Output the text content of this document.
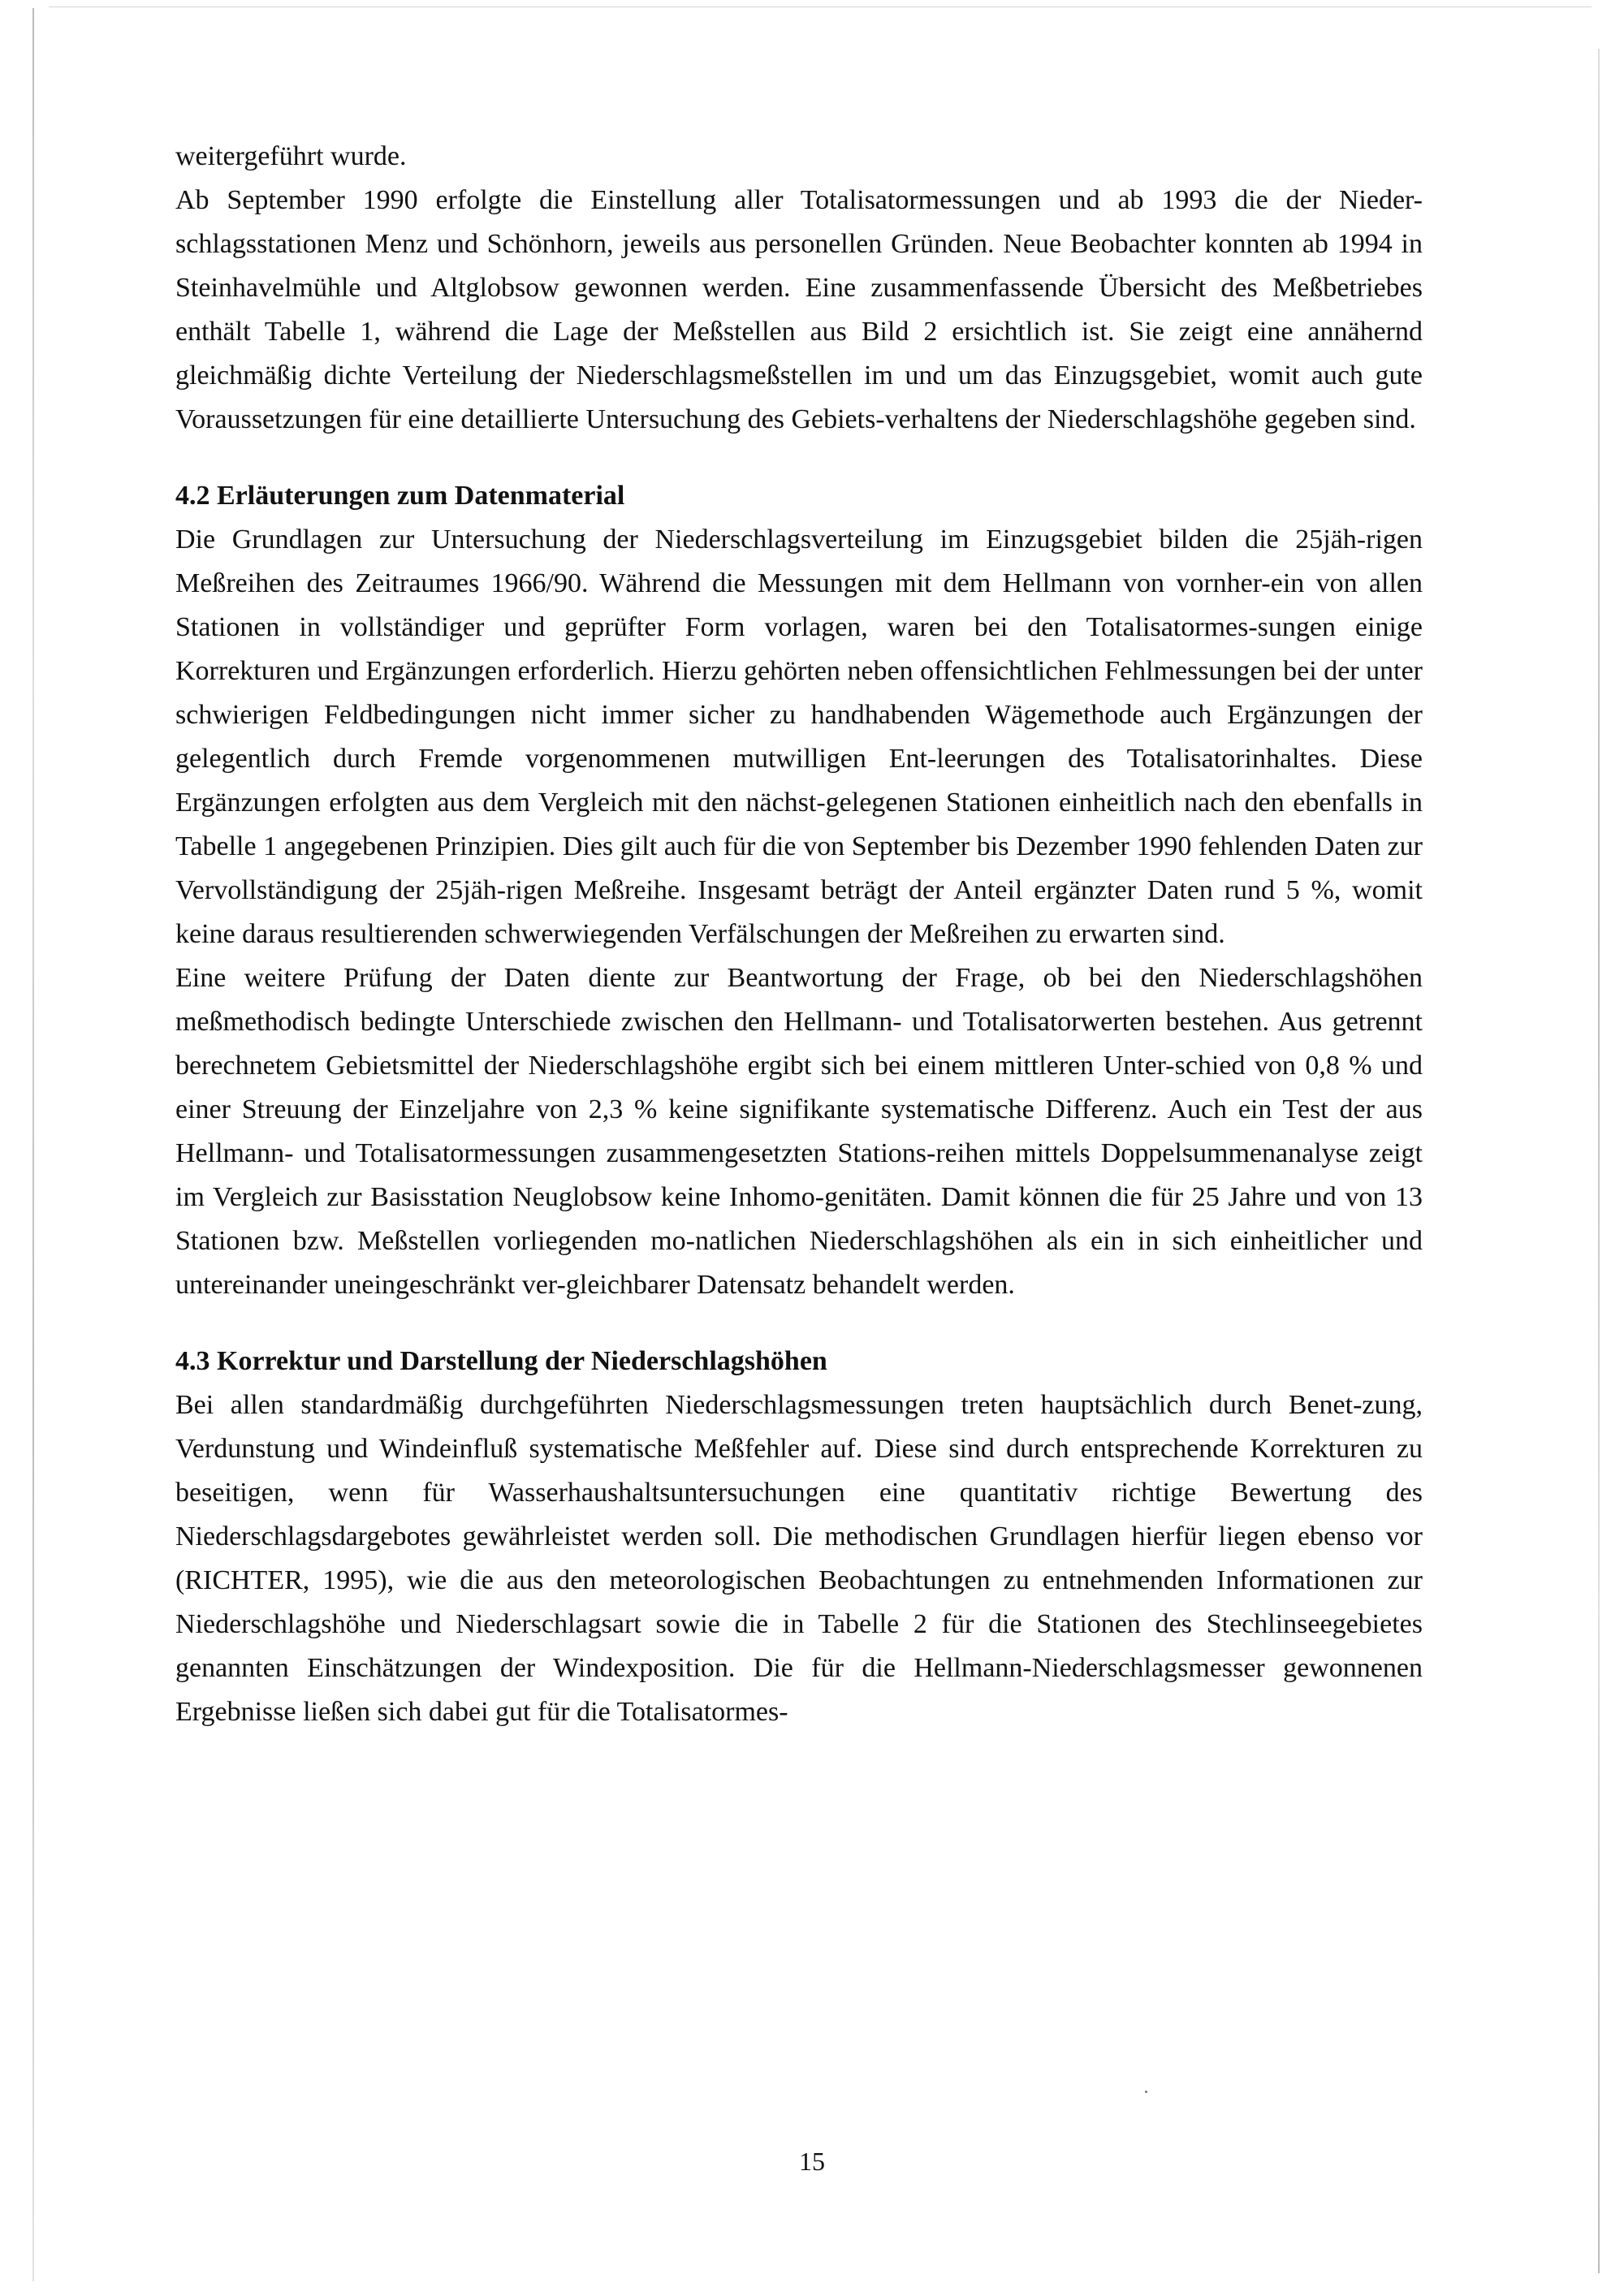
weitergeführt wurde.

Ab September 1990 erfolgte die Einstellung aller Totalisatormessungen und ab 1993 die der Nieder-schlagsstationen Menz und Schönhorn, jeweils aus personellen Gründen. Neue Beobachter konnten ab 1994 in Steinhavelmühle und Altglobsow gewonnen werden. Eine zusammenfassende Übersicht des Meßbetriebes enthält Tabelle 1, während die Lage der Meßstellen aus Bild 2 ersichtlich ist. Sie zeigt eine annähernd gleichmäßig dichte Verteilung der Niederschlagsmeßstellen im und um das Einzugsgebiet, womit auch gute Voraussetzungen für eine detaillierte Untersuchung des Gebiets-verhaltens der Niederschlagshöhe gegeben sind.

4.2 Erläuterungen zum Datenmaterial

Die Grundlagen zur Untersuchung der Niederschlagsverteilung im Einzugsgebiet bilden die 25jäh-rigen Meßreihen des Zeitraumes 1966/90. Während die Messungen mit dem Hellmann von vornher-ein von allen Stationen in vollständiger und geprüfter Form vorlagen, waren bei den Totalisatormes-sungen einige Korrekturen und Ergänzungen erforderlich. Hierzu gehörten neben offensichtlichen Fehlmessungen bei der unter schwierigen Feldbedingungen nicht immer sicher zu handhabenden Wägemethode auch Ergänzungen der gelegentlich durch Fremde vorgenommenen mutwilligen Ent-leerungen des Totalisatorinhaltes. Diese Ergänzungen erfolgten aus dem Vergleich mit den nächst-gelegenen Stationen einheitlich nach den ebenfalls in Tabelle 1 angegebenen Prinzipien. Dies gilt auch für die von September bis Dezember 1990 fehlenden Daten zur Vervollständigung der 25jäh-rigen Meßreihe. Insgesamt beträgt der Anteil ergänzter Daten rund 5 %, womit keine daraus resultierenden schwerwiegenden Verfälschungen der Meßreihen zu erwarten sind.

Eine weitere Prüfung der Daten diente zur Beantwortung der Frage, ob bei den Niederschlagshöhen meßmethodisch bedingte Unterschiede zwischen den Hellmann- und Totalisatorwerten bestehen. Aus getrennt berechnetem Gebietsmittel der Niederschlagshöhe ergibt sich bei einem mittleren Unter-schied von 0,8 % und einer Streuung der Einzeljahre von 2,3 % keine signifikante systematische Differenz. Auch ein Test der aus Hellmann- und Totalisatormessungen zusammengesetzten Stations-reihen mittels Doppelsummenanalyse zeigt im Vergleich zur Basisstation Neuglobsow keine Inhomo-genitäten. Damit können die für 25 Jahre und von 13 Stationen bzw. Meßstellen vorliegenden mo-natlichen Niederschlagshöhen als ein in sich einheitlicher und untereinander uneingeschränkt ver-gleichbarer Datensatz behandelt werden.

4.3 Korrektur und Darstellung der Niederschlagshöhen

Bei allen standardmäßig durchgeführten Niederschlagsmessungen treten hauptsächlich durch Benet-zung, Verdunstung und Windeinfluß systematische Meßfehler auf. Diese sind durch entsprechende Korrekturen zu beseitigen, wenn für Wasserhaushaltsuntersuchungen eine quantitativ richtige Bewertung des Niederschlagsdargebotes gewährleistet werden soll. Die methodischen Grundlagen hierfür liegen ebenso vor (RICHTER, 1995), wie die aus den meteorologischen Beobachtungen zu entnehmenden Informationen zur Niederschlagshöhe und Niederschlagsart sowie die in Tabelle 2 für die Stationen des Stechlinseegebietes genannten Einschätzungen der Windexposition. Die für die Hellmann-Niederschlagsmesser gewonnenen Ergebnisse ließen sich dabei gut für die Totalisatormes-

15
